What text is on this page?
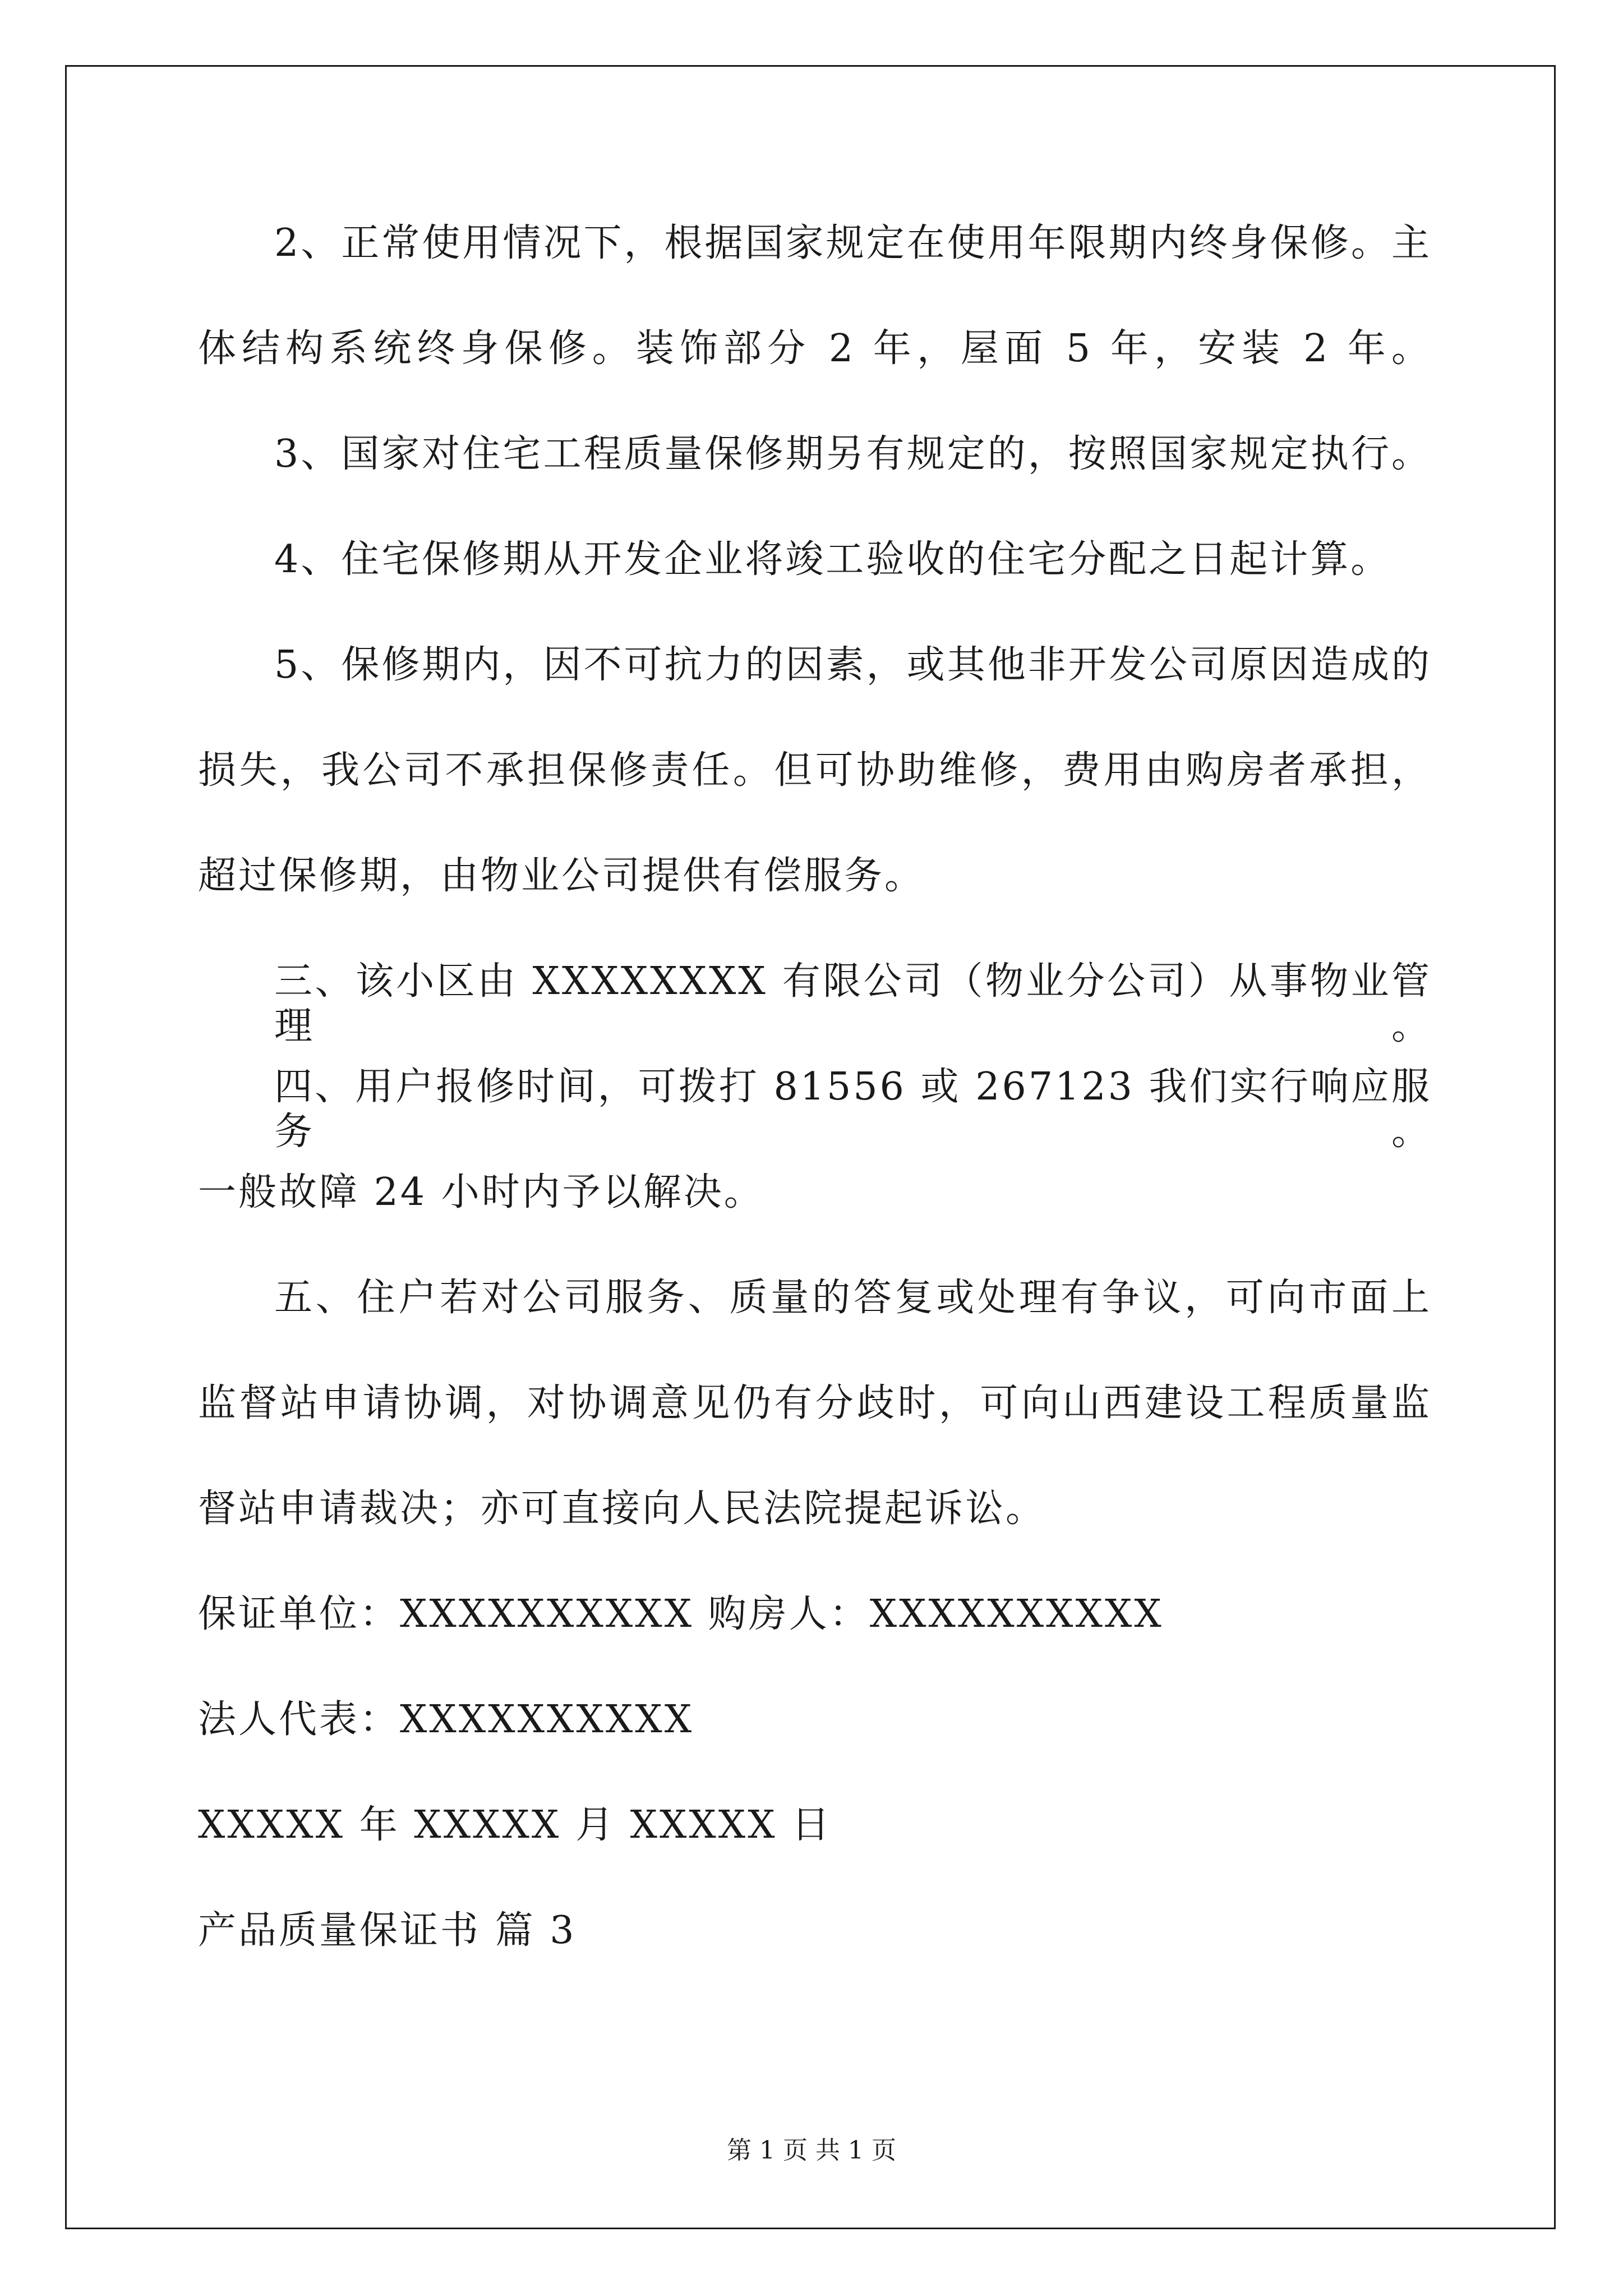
2、正常使用情况下，根据国家规定在使用年限期内终身保修。主
体结构系统终身保修。装饰部分 2 年，屋面 5 年，安装 2 年。
3、国家对住宅工程质量保修期另有规定的，按照国家规定执行。
4、住宅保修期从开发企业将竣工验收的住宅分配之日起计算。
5、保修期内，因不可抗力的因素，或其他非开发公司原因造成的
损失，我公司不承担保修责任。但可协助维修，费用由购房者承担，
超过保修期，由物业公司提供有偿服务。
三、该小区由 XXXXXXXX 有限公司（物业分公司）从事物业管理。
四、用户报修时间，可拨打 81556 或 267123 我们实行响应服务。
一般故障 24 小时内予以解决。
五、住户若对公司服务、质量的答复或处理有争议，可向市面上
监督站申请协调，对协调意见仍有分歧时，可向山西建设工程质量监
督站申请裁决；亦可直接向人民法院提起诉讼。
保证单位：XXXXXXXXXX 购房人：XXXXXXXXXX
法人代表：XXXXXXXXXX
XXXXX 年 XXXXX 月 XXXXX 日
产品质量保证书 篇 3
第 1 页 共 1 页
